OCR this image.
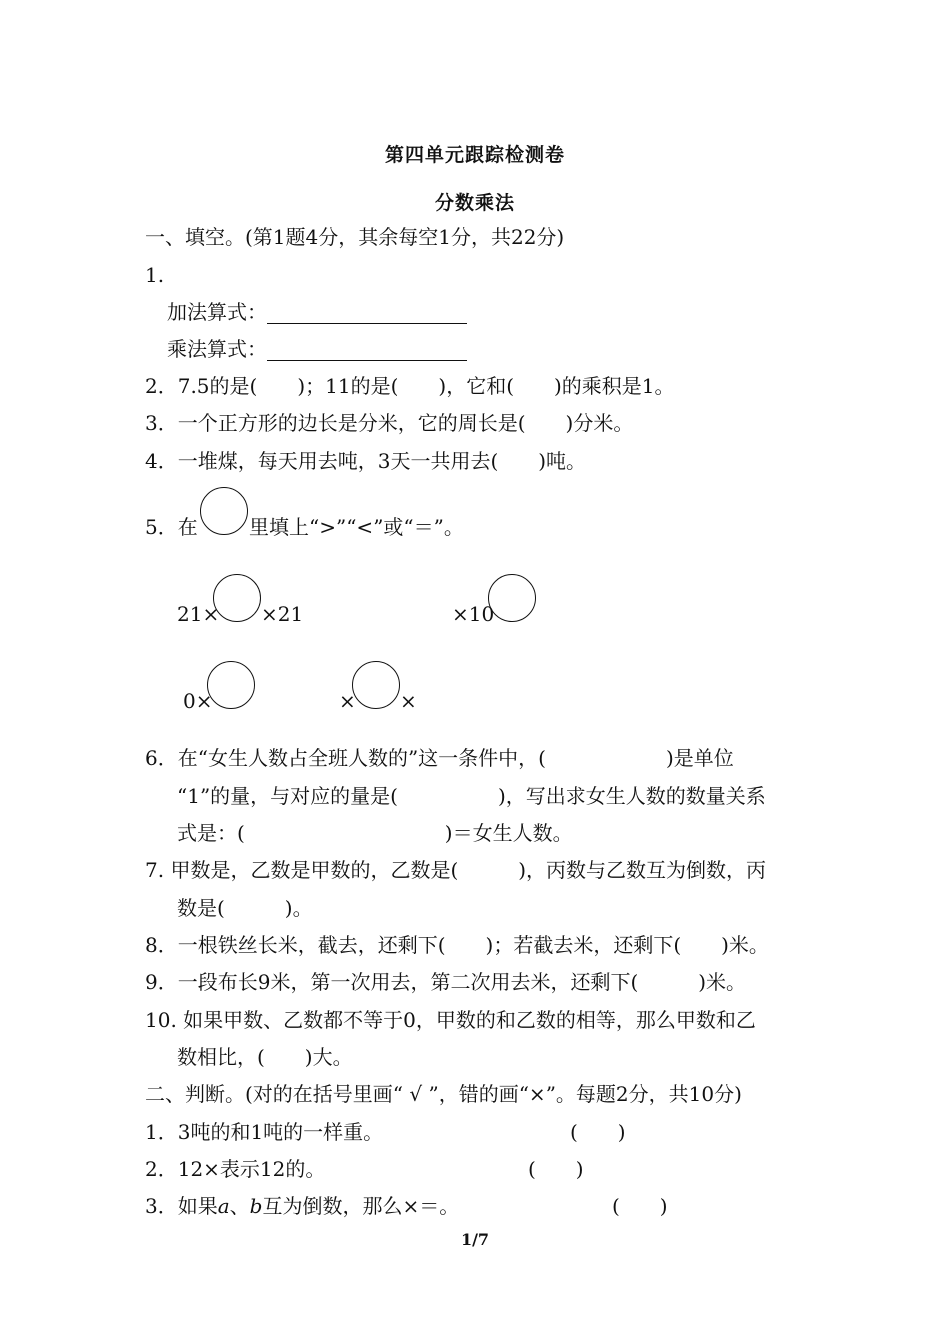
第四单元跟踪检测卷
分数乘法
一、填空。(第1题4分，其余每空1分，共22分)
1.
加法算式：
乘法算式：
2．7.5的是(　　)；11的是(　　)，它和(　　)的乘积是1。
3．一个正方形的边长是分米，它的周长是(　　)分米。
4．一堆煤，每天用去吨，3天一共用去(　　)吨。
5．在	里填上“>”“<”或“＝”。
21× ×21	×10
0×	× ×
6．在“女生人数占全班人数的”这一条件中，(　　　　　　)是单位
“1”的量，与对应的量是(　　　　　)，写出求女生人数的数量关系
式是：(　　　　　　　　　　)＝女生人数。
7. 甲数是，乙数是甲数的，乙数是(　　　)，丙数与乙数互为倒数，丙
数是(　　　)。
8．一根铁丝长米，截去，还剩下(　　)；若截去米，还剩下(　　)米。
9．一段布长9米，第一次用去，第二次用去米，还剩下(　　　)米。
10. 如果甲数、乙数都不等于0，甲数的和乙数的相等，那么甲数和乙
数相比，(　　)大。
二、判断。(对的在括号里画“ √ ”，错的画“×”。每题2分，共10分)
1．3吨的和1吨的一样重。	(　　)
2．12×表示12的。	(　　)
3．如果a、b互为倒数，那么×＝。	(　　)
1/7
